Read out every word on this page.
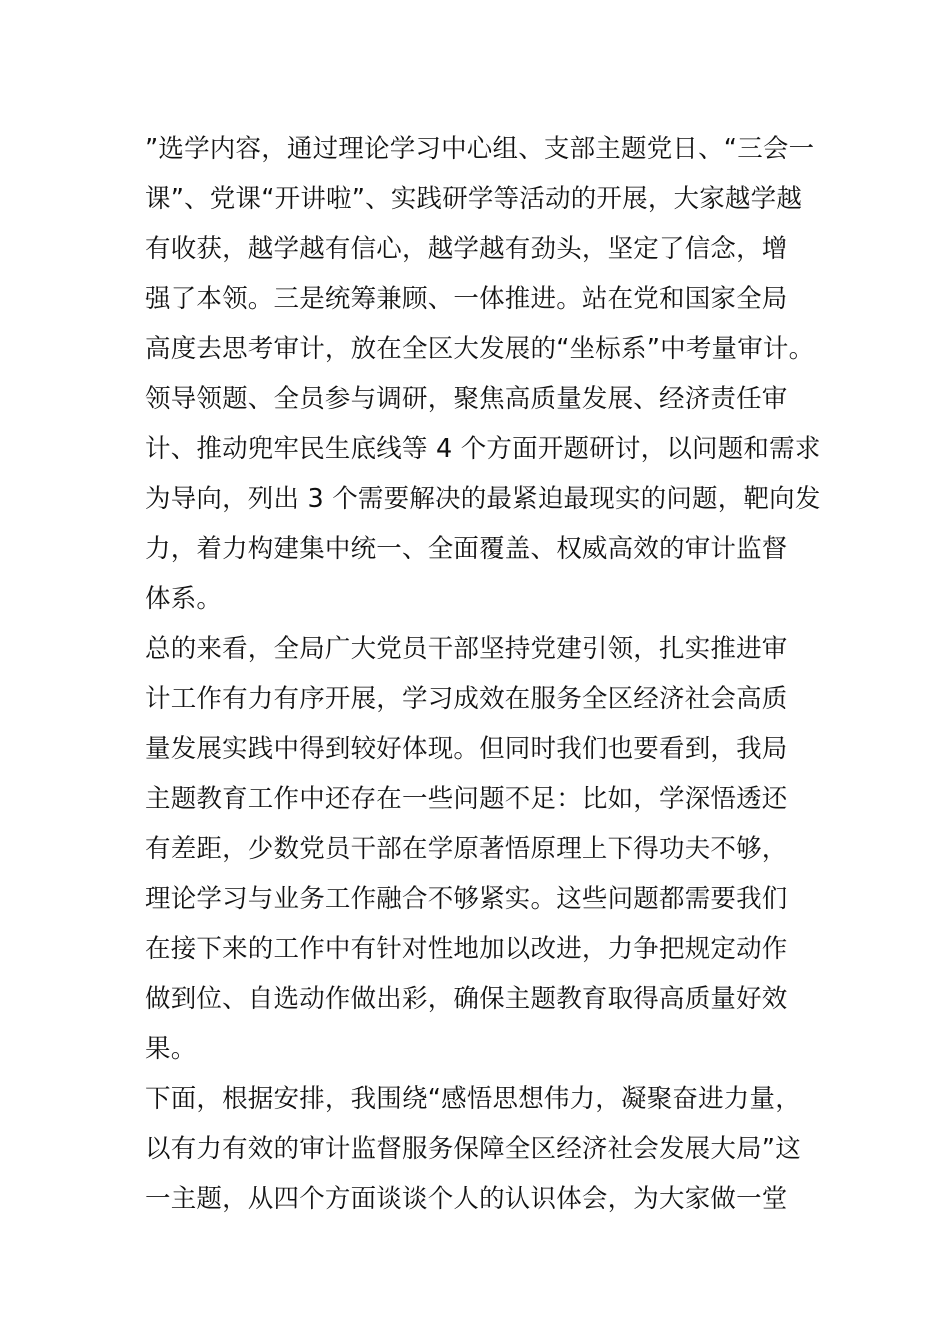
”选学内容，通过理论学习中心组、支部主题党日、“三会一
课”、党课“开讲啦”、实践研学等活动的开展，大家越学越
有收获，越学越有信心，越学越有劲头，坚定了信念，增
强了本领。三是统筹兼顾、一体推进。站在党和国家全局
高度去思考审计，放在全区大发展的“坐标系”中考量审计。
领导领题、全员参与调研，聚焦高质量发展、经济责任审
计、推动兜牢民生底线等 4 个方面开题研讨，以问题和需求
为导向，列出 3 个需要解决的最紧迫最现实的问题，靶向发
力，着力构建集中统一、全面覆盖、权威高效的审计监督
体系。
总的来看，全局广大党员干部坚持党建引领，扎实推进审
计工作有力有序开展，学习成效在服务全区经济社会高质
量发展实践中得到较好体现。但同时我们也要看到，我局
主题教育工作中还存在一些问题不足：比如，学深悟透还
有差距，少数党员干部在学原著悟原理上下得功夫不够，
理论学习与业务工作融合不够紧实。这些问题都需要我们
在接下来的工作中有针对性地加以改进，力争把规定动作
做到位、自选动作做出彩，确保主题教育取得高质量好效
果。
下面，根据安排，我围绕“感悟思想伟力，凝聚奋进力量，
以有力有效的审计监督服务保障全区经济社会发展大局”这
一主题，从四个方面谈谈个人的认识体会，为大家做一堂
